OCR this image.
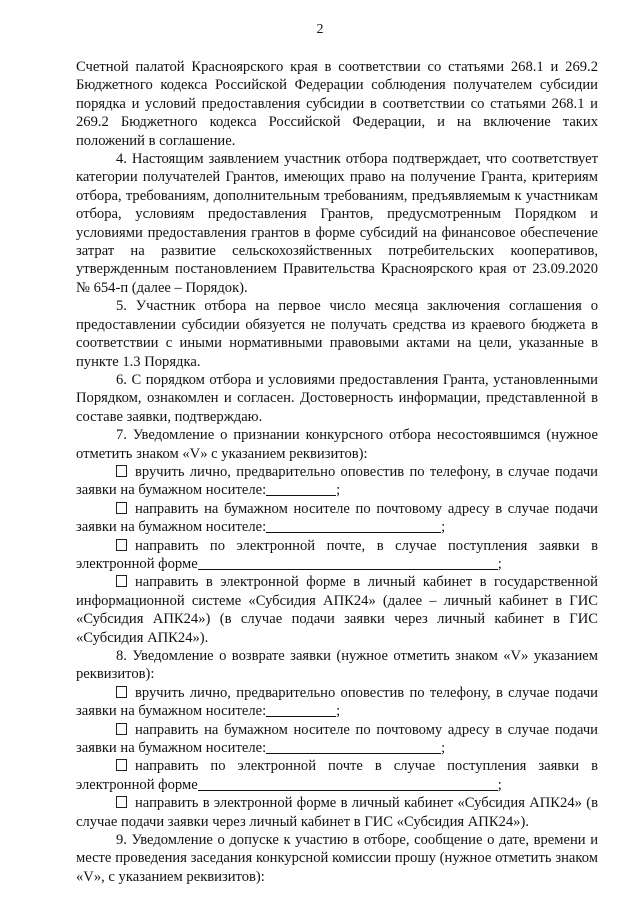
2

Счетной палатой Красноярского края в соответствии со статьями 268.1 и 269.2 Бюджетного кодекса Российской Федерации соблюдения получателем субсидии порядка и условий предоставления субсидии в соответствии со статьями 268.1 и 269.2 Бюджетного кодекса Российской Федерации, и на включение таких положений в соглашение.

4. Настоящим заявлением участник отбора подтверждает, что соответствует категории получателей Грантов, имеющих право на получение Гранта, критериям отбора, требованиям, дополнительным требованиям, предъявляемым к участникам отбора, условиям предоставления Грантов, предусмотренным Порядком и условиями предоставления грантов в форме субсидий на финансовое обеспечение затрат на развитие сельскохозяйственных потребительских кооперативов, утвержденным постановлением Правительства Красноярского края от 23.09.2020 № 654-п (далее – Порядок).

5. Участник отбора на первое число месяца заключения соглашения о предоставлении субсидии обязуется не получать средства из краевого бюджета в соответствии с иными нормативными правовыми актами на цели, указанные в пункте 1.3 Порядка.

6. С порядком отбора и условиями предоставления Гранта, установленными Порядком, ознакомлен и согласен. Достоверность информации, представленной в составе заявки, подтверждаю.

7. Уведомление о признании конкурсного отбора несостоявшимся (нужное отметить знаком «V» с указанием реквизитов):

вручить лично, предварительно оповестив по телефону, в случае подачи заявки на бумажном носителе:	;

направить на бумажном носителе по почтовому адресу в случае подачи заявки на бумажном носителе:	;

направить по электронной почте, в случае поступления заявки в электронной форме	;

направить в электронной форме в личный кабинет в государственной информационной системе «Субсидия АПК24» (далее – личный кабинет в ГИС «Субсидия АПК24») (в случае подачи заявки через личный кабинет в ГИС «Субсидия АПК24»).

8. Уведомление о возврате заявки (нужное отметить знаком «V» указанием реквизитов):

вручить лично, предварительно оповестив по телефону, в случае подачи заявки на бумажном носителе:	;

направить на бумажном носителе по почтовому адресу в случае подачи заявки на бумажном носителе:	;

направить по электронной почте в случае поступления заявки в электронной форме	;

направить в электронной форме в личный кабинет «Субсидия АПК24» (в случае подачи заявки через личный кабинет в ГИС «Субсидия АПК24»).

9. Уведомление о допуске к участию в отборе, сообщение о дате, времени и месте проведения заседания конкурсной комиссии прошу (нужное отметить знаком «V», с указанием реквизитов):
